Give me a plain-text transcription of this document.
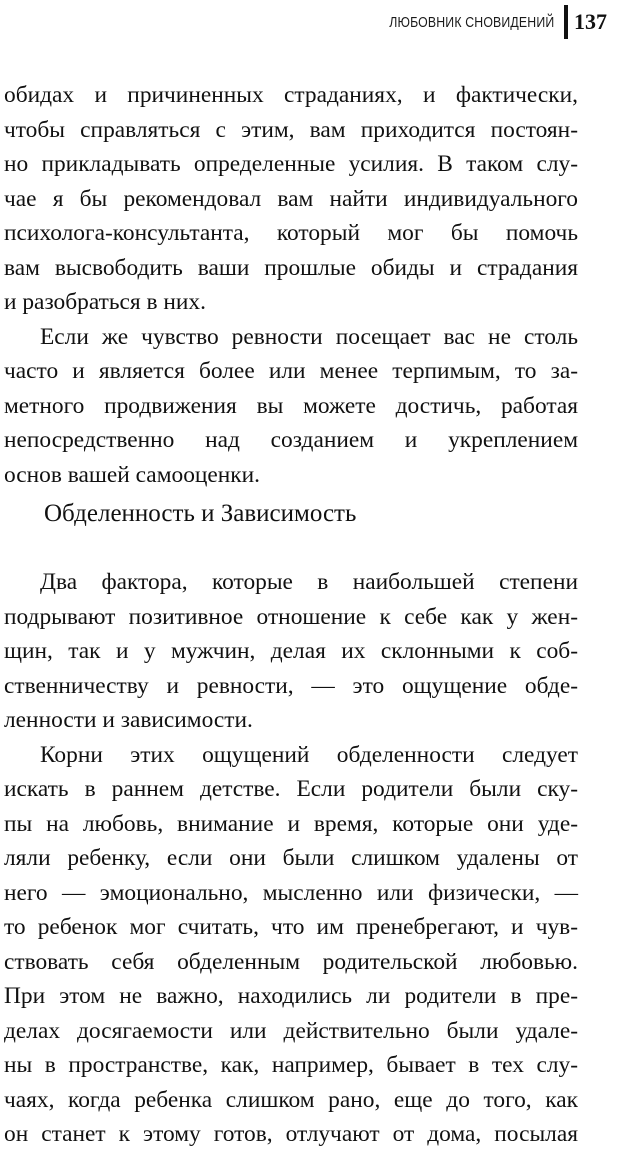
ЛЮБОВНИК СНОВИДЕНИЙ 137
обидах и причиненных страданиях, и фактически,
чтобы справляться с этим, вам приходится постоян-
но прикладывать определенные усилия. В таком слу-
чае я бы рекомендовал вам найти индивидуального
психолога-консультанта, который мог бы помочь
вам высвободить ваши прошлые обиды и страдания
и разобраться в них.
Если же чувство ревности посещает вас не столь
часто и является более или менее терпимым, то за-
метного продвижения вы можете достичь, работая
непосредственно над созданием и укреплением
основ вашей самооценки.
Обделенность и Зависимость
Два фактора, которые в наибольшей степени
подрывают позитивное отношение к себе как у жен-
щин, так и у мужчин, делая их склонными к соб-
ственничеству и ревности, — это ощущение обде-
ленности и зависимости.
Корни этих ощущений обделенности следует
искать в раннем детстве. Если родители были ску-
пы на любовь, внимание и время, которые они уде-
ляли ребенку, если они были слишком удалены от
него — эмоционально, мысленно или физически, —
то ребенок мог считать, что им пренебрегают, и чув-
ствовать себя обделенным родительской любовью.
При этом не важно, находились ли родители в пре-
делах досягаемости или действительно были удале-
ны в пространстве, как, например, бывает в тех слу-
чаях, когда ребенка слишком рано, еще до того, как
он станет к этому готов, отлучают от дома, посылая
